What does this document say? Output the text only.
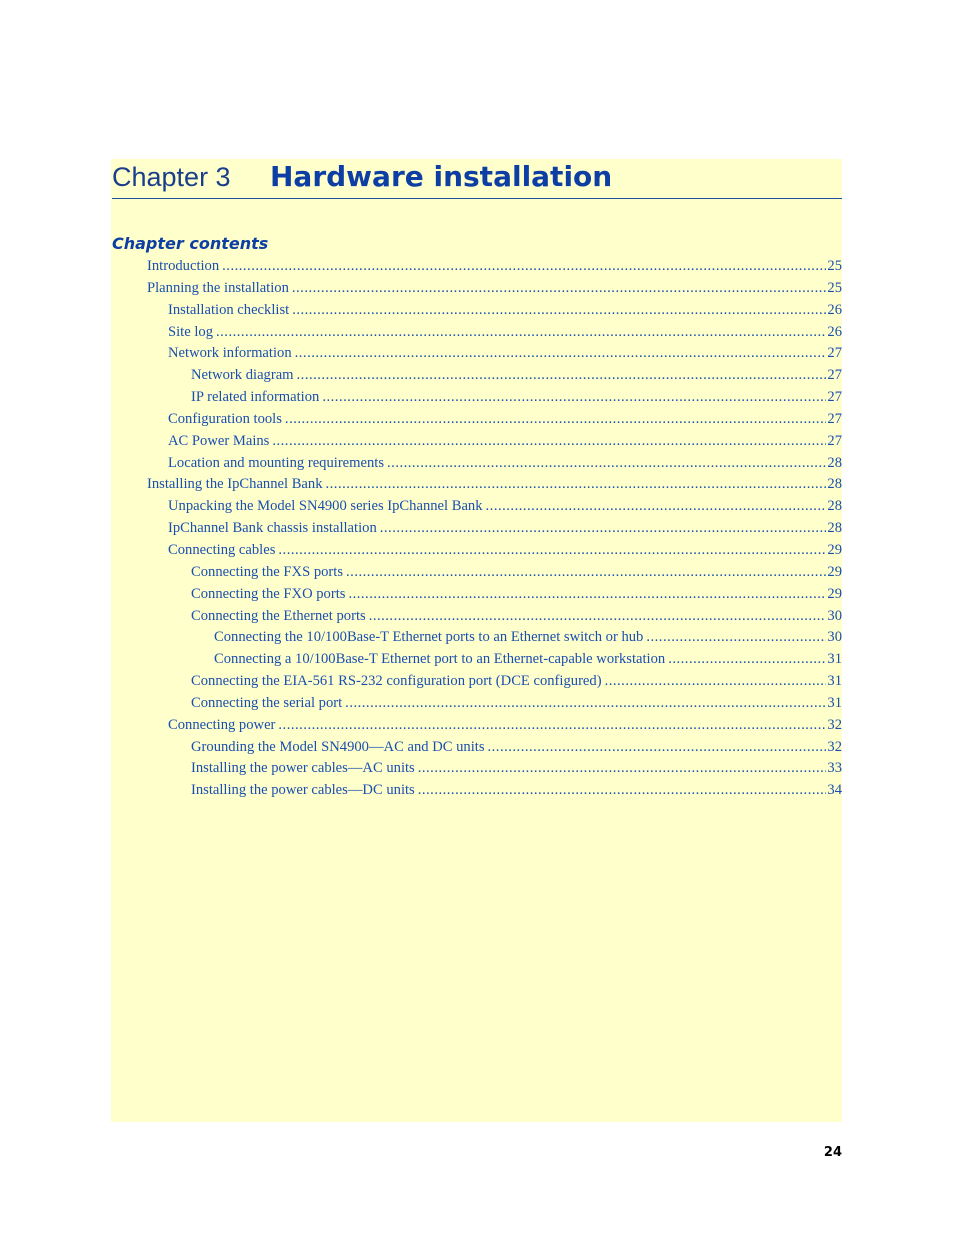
Chapter 3 Hardware installation
Chapter contents
Introduction .....	25
Planning the installation .....	25
Installation checklist .....	26
Site log .....	26
Network information .....	27
Network diagram .....	27
IP related information .....	27
Configuration tools .....	27
AC Power Mains .....	27
Location and mounting requirements .....	28
Installing the IpChannel Bank .....	28
Unpacking the Model SN4900 series IpChannel Bank .....	28
IpChannel Bank chassis installation .....	28
Connecting cables .....	29
Connecting the FXS ports .....	29
Connecting the FXO ports .....	29
Connecting the Ethernet ports .....	30
Connecting the 10/100Base-T Ethernet ports to an Ethernet switch or hub .....	30
Connecting a 10/100Base-T Ethernet port to an Ethernet-capable workstation .....	31
Connecting the EIA-561 RS-232 configuration port (DCE configured) .....	31
Connecting the serial port .....	31
Connecting power .....	32
Grounding the Model SN4900—AC and DC units .....	32
Installing the power cables—AC units .....	33
Installing the power cables—DC units .....	34
24
